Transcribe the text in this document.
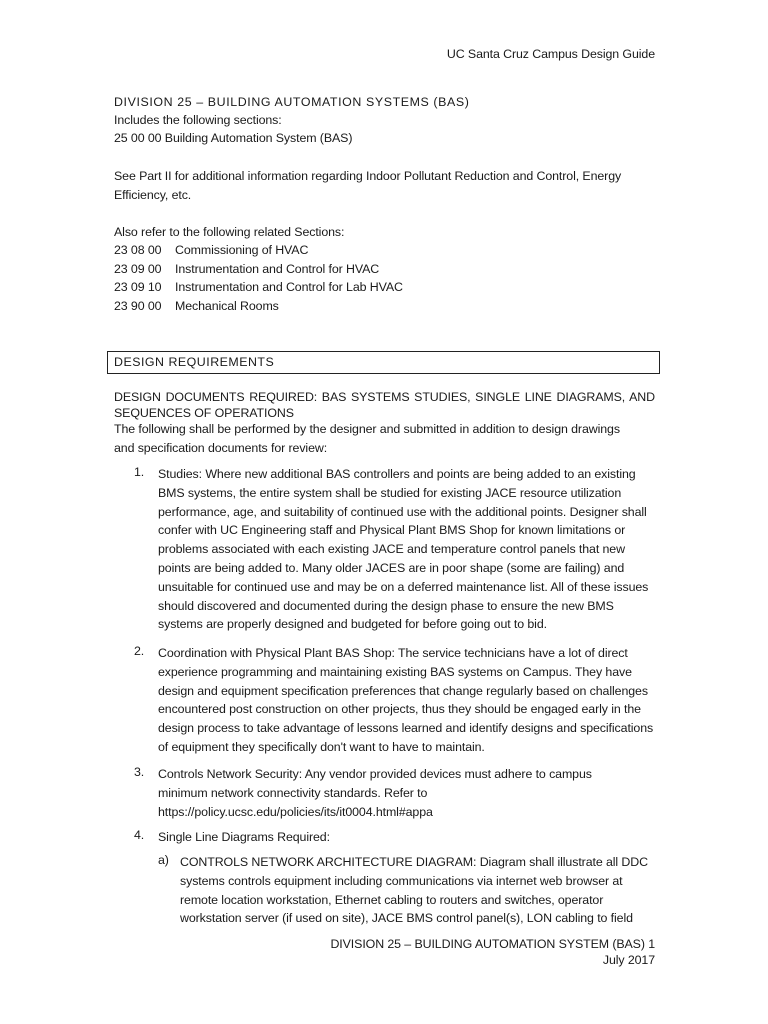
UC Santa Cruz Campus Design Guide
DIVISION 25 – BUILDING AUTOMATION SYSTEMS (BAS)
Includes the following sections:
25 00 00 Building Automation System (BAS)
See Part II for additional information regarding Indoor Pollutant Reduction and Control, Energy
Efficiency, etc.
Also refer to the following related Sections:
23 08 00 Commissioning of HVAC
23 09 00 Instrumentation and Control for HVAC
23 09 10 Instrumentation and Control for Lab HVAC
23 90 00 Mechanical Rooms
DESIGN REQUIREMENTS
DESIGN DOCUMENTS REQUIRED: BAS SYSTEMS STUDIES, SINGLE LINE DIAGRAMS, AND
SEQUENCES OF OPERATIONS
The following shall be performed by the designer and submitted in addition to design drawings
and specification documents for review:
1. Studies: Where new additional BAS controllers and points are being added to an existing BMS systems, the entire system shall be studied for existing JACE resource utilization performance, age, and suitability of continued use with the additional points. Designer shall confer with UC Engineering staff and Physical Plant BMS Shop for known limitations or problems associated with each existing JACE and temperature control panels that new points are being added to. Many older JACES are in poor shape (some are failing) and unsuitable for continued use and may be on a deferred maintenance list. All of these issues should discovered and documented during the design phase to ensure the new BMS systems are properly designed and budgeted for before going out to bid.
2. Coordination with Physical Plant BAS Shop: The service technicians have a lot of direct experience programming and maintaining existing BAS systems on Campus. They have design and equipment specification preferences that change regularly based on challenges encountered post construction on other projects, thus they should be engaged early in the design process to take advantage of lessons learned and identify designs and specifications of equipment they specifically don't want to have to maintain.
3. Controls Network Security: Any vendor provided devices must adhere to campus minimum network connectivity standards. Refer to https://policy.ucsc.edu/policies/its/it0004.html#appa
4. Single Line Diagrams Required:
a) CONTROLS NETWORK ARCHITECTURE DIAGRAM: Diagram shall illustrate all DDC systems controls equipment including communications via internet web browser at remote location workstation, Ethernet cabling to routers and switches, operator workstation server (if used on site), JACE BMS control panel(s), LON cabling to field
DIVISION 25 – BUILDING AUTOMATION SYSTEM (BAS) 1
July 2017
